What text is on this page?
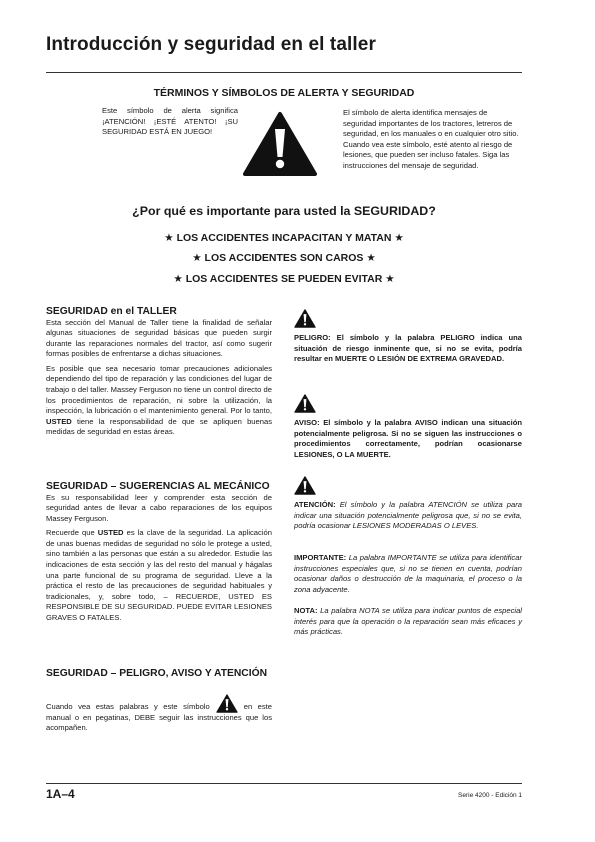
Introducción y seguridad en el taller
TÉRMINOS Y SÍMBOLOS DE ALERTA Y SEGURIDAD

Este símbolo de alerta significa ¡ATENCIÓN! ¡ESTÉ ATENTO! ¡SU SEGURIDAD ESTÁ EN JUEGO!

El símbolo de alerta identifica mensajes de seguridad importantes de los tractores, letreros de seguridad, en los manuales o en cualquier otro sitio. Cuando vea este símbolo, esté atento al riesgo de lesiones, que pueden ser incluso fatales. Siga las instrucciones del mensaje de seguridad.

¿Por qué es importante para usted la SEGURIDAD?
★ LOS ACCIDENTES INCAPACITAN Y MATAN ★
★ LOS ACCIDENTES SON CAROS ★
★ LOS ACCIDENTES SE PUEDEN EVITAR ★
SEGURIDAD en el TALLER

Esta sección del Manual de Taller tiene la finalidad de señalar algunas situaciones de seguridad básicas que pueden surgir durante las reparaciones normales del tractor, así como sugerir formas posibles de enfrentarse a dichas situaciones.

Es posible que sea necesario tomar precauciones adicionales dependiendo del tipo de reparación y las condiciones del lugar de trabajo o del taller. Massey Ferguson no tiene un control directo de los procedimientos de reparación, ni sobre la utilización, la inspección, la lubricación o el mantenimiento general. Por lo tanto, USTED tiene la responsabilidad de que se apliquen buenas medidas de seguridad en estas áreas.

SEGURIDAD – SUGERENCIAS AL MECÁNICO

Es su responsabilidad leer y comprender esta sección de seguridad antes de llevar a cabo reparaciones de los equipos Massey Ferguson.

Recuerde que USTED es la clave de la seguridad. La aplicación de unas buenas medidas de seguridad no sólo le protege a usted, sino también a las personas que están a su alrededor. Estudie las indicaciones de esta sección y las del resto del manual y hágalas una parte funcional de su programa de seguridad. Lleve a la práctica el resto de las precauciones de seguridad habituales y tradicionales, y, sobre todo, – RECUERDE, USTED ES RESPONSIBLE DE SU SEGURIDAD. PUEDE EVITAR LESIONES GRAVES O FATALES.

SEGURIDAD – PELIGRO, AVISO Y ATENCIÓN

Cuando vea estas palabras y este símbolo	en este manual o en pegatinas, DEBE seguir las instrucciones que los acompañen.

PELIGRO: El símbolo y la palabra PELIGRO indica una situación de riesgo inminente que, si no se evita, podría resultar en MUERTE O LESIÓN DE EXTREMA GRAVEDAD.

AVISO: El símbolo y la palabra AVISO indican una situación potencialmente peligrosa. Si no se siguen las instrucciones o procedimientos correctamente, podrían ocasionarse LESIONES, O LA MUERTE.

ATENCIÓN: El símbolo y la palabra ATENCIÓN se utiliza para indicar una situación potencialmente peligrosa que, si no se evita, podría ocasionar LESIONES MODERADAS O LEVES.

IMPORTANTE: La palabra IMPORTANTE se utiliza para identificar instrucciones especiales que, si no se tienen en cuenta, podrían ocasionar daños o destrucción de la maquinaria, el proceso o la zona adyacente.

NOTA: La palabra NOTA se utiliza para indicar puntos de especial interés para que la operación o la reparación sean más eficaces y más prácticas.

1A–4	Serie 4200 - Edición 1
